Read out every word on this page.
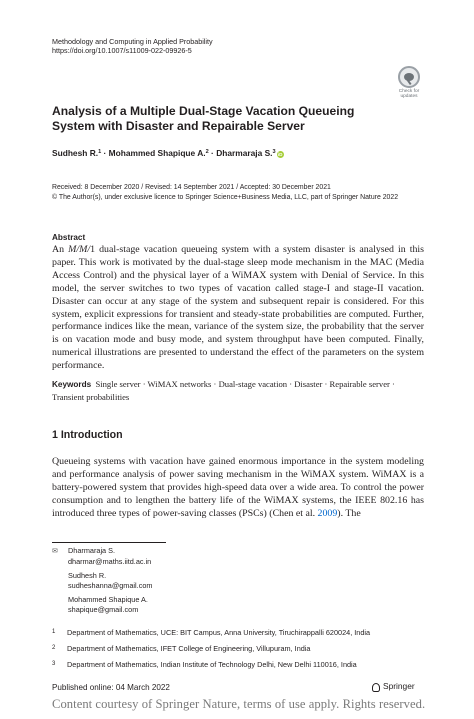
Methodology and Computing in Applied Probability
https://doi.org/10.1007/s11009-022-09926-5
Check for
updates
Analysis of a Multiple Dual-Stage Vacation Queueing System with Disaster and Repairable Server
Sudhesh R.$^1$ · Mohammed Shapique A.$^2$ · Dharmaraja S.$^3$ iD
Received: 8 December 2020 / Revised: 14 September 2021 / Accepted: 30 December 2021
© The Author(s), under exclusive licence to Springer Science+Business Media, LLC, part of Springer Nature 2022
Abstract
An M/M/1 dual-stage vacation queueing system with a system disaster is analysed in this paper. This work is motivated by the dual-stage sleep mode mechanism in the MAC (Media Access Control) and the physical layer of a WiMAX system with Denial of Service. In this model, the server switches to two types of vacation called stage-I and stage-II vacation. Disaster can occur at any stage of the system and subsequent repair is considered. For this system, explicit expressions for transient and steady-state probabilities are computed. Further, performance indices like the mean, variance of the system size, the probability that the server is on vacation mode and busy mode, and system throughput have been computed. Finally, numerical illustrations are presented to understand the effect of the parameters on the system performance.
Keywords Single server · WiMAX networks · Dual-stage vacation · Disaster · Repairable server · Transient probabilities
1 Introduction
Queueing systems with vacation have gained enormous importance in the system modeling and performance analysis of power saving mechanism in the WiMAX system. WiMAX is a battery-powered system that provides high-speed data over a wide area. To control the power consumption and to lengthen the battery life of the WiMAX systems, the IEEE 802.16 has introduced three types of power-saving classes (PSCs) (Chen et al. 2009). The
✉ Dharmaraja S.
dharmar@maths.iitd.ac.in
Sudhesh R.
sudheshanna@gmail.com
Mohammed Shapique A.
shapique@gmail.com
1 Department of Mathematics, UCE: BIT Campus, Anna University, Tiruchirappalli 620024, India
2 Department of Mathematics, IFET College of Engineering, Villupuram, India
3 Department of Mathematics, Indian Institute of Technology Delhi, New Delhi 110016, India
Published online: 04 March 2022	Springer
Content courtesy of Springer Nature, terms of use apply. Rights reserved.
